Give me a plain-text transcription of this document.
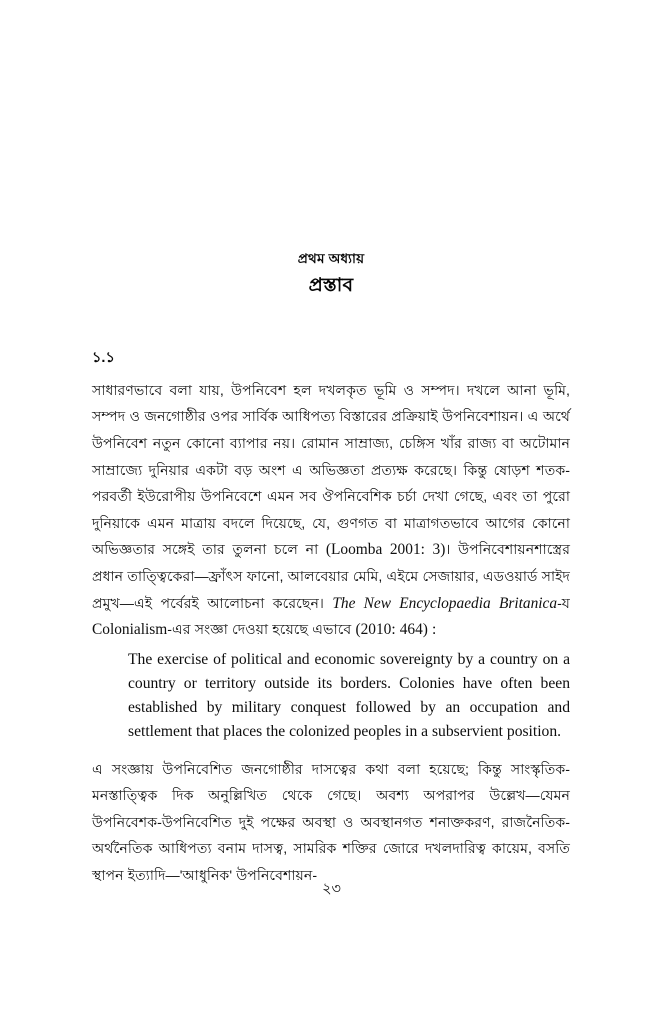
প্রথম অধ্যায়

প্রস্তাব

১.১

সাধারণভাবে বলা যায়, উপনিবেশ হল দখলকৃত ভূমি ও সম্পদ। দখলে আনা ভূমি, সম্পদ ও জনগোষ্ঠীর ওপর সার্বিক আধিপত্য বিস্তারের প্রক্রিয়াই উপনিবেশায়ন। এ অর্থে উপনিবেশ নতুন কোনো ব্যাপার নয়। রোমান সাম্রাজ্য, চেঙ্গিস খাঁর রাজ্য বা অটোমান সাম্রাজ্যে দুনিয়ার একটা বড় অংশ এ অভিজ্ঞতা প্রত্যক্ষ করেছে। কিন্তু ষোড়শ শতক-পরবর্তী ইউরোপীয় উপনিবেশে এমন সব ঔপনিবেশিক চর্চা দেখা গেছে, এবং তা পুরো দুনিয়াকে এমন মাত্রায় বদলে দিয়েছে, যে, গুণগত বা মাত্রাগতভাবে আগের কোনো অভিজ্ঞতার সঙ্গেই তার তুলনা চলে না (Loomba 2001: 3)। উপনিবেশায়নশাস্ত্রের প্রধান তাত্ত্বিকেরা—ফ্রাঁৎস ফানো, আলবেয়ার মেমি, এইমে সেজায়ার, এডওয়ার্ড সাইদ প্রমুখ—এই পর্বেরই আলোচনা করেছেন। The New Encyclopaedia Britanica-য Colonialism-এর সংজ্ঞা দেওয়া হয়েছে এভাবে (2010: 464) :

The exercise of political and economic sovereignty by a country on a country or territory outside its borders. Colonies have often been established by military conquest followed by an occupation and settlement that places the colonized peoples in a subservient position.

এ সংজ্ঞায় উপনিবেশিত জনগোষ্ঠীর দাসত্বের কথা বলা হয়েছে; কিন্তু সাংস্কৃতিক-মনস্তাত্ত্বিক দিক অনুল্লিখিত থেকে গেছে। অবশ্য অপরাপর উল্লেখ—যেমন উপনিবেশক-উপনিবেশিত দুই পক্ষের অবস্থা ও অবস্থানগত শনাক্তকরণ, রাজনৈতিক-অর্থনৈতিক আধিপত্য বনাম দাসত্ব, সামরিক শক্তির জোরে দখলদারিত্ব কায়েম, বসতি স্থাপন ইত্যাদি—'আধুনিক' উপনিবেশায়ন-

২৩
